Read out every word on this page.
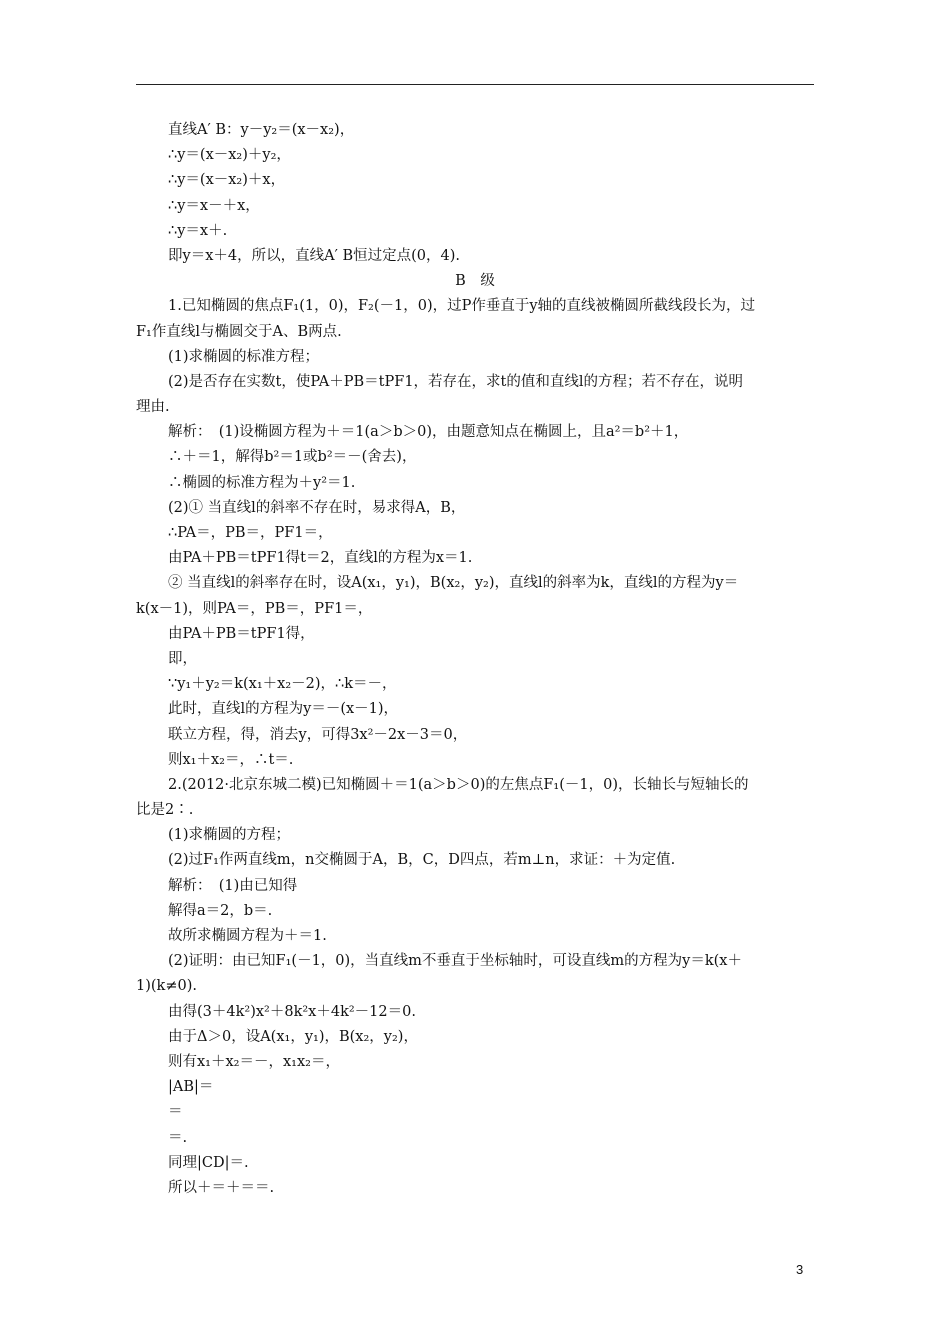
直线A′ B：y－y₂＝(x－x₂)，
∴y＝(x－x₂)＋y₂，
∴y＝(x－x₂)＋x，
∴y＝x－＋x，
∴y＝x＋.
即y＝x＋4，所以，直线A′ B恒过定点(0，4).
B　级
1.已知椭圆的焦点F₁(1，0)，F₂(－1，0)，过P作垂直于y轴的直线被椭圆所截线段长为，过
F₁作直线l与椭圆交于A、B两点.
(1)求椭圆的标准方程；
(2)是否存在实数t，使PA＋PB＝tPF1，若存在，求t的值和直线l的方程；若不存在，说明
理由.
解析：　(1)设椭圆方程为＋＝1(a＞b＞0)，由题意知点在椭圆上，且a²＝b²＋1，
∴＋＝1，解得b²＝1或b²＝－(舍去)，
∴椭圆的标准方程为＋y²＝1.
(2)① 当直线l的斜率不存在时，易求得A，B，
∴PA＝，PB＝，PF1＝，
由PA＋PB＝tPF1得t＝2，直线l的方程为x＝1.
② 当直线l的斜率存在时，设A(x₁，y₁)，B(x₂，y₂)，直线l的斜率为k，直线l的方程为y＝
k(x－1)，则PA＝，PB＝，PF1＝，
由PA＋PB＝tPF1得，
即，
∵y₁＋y₂＝k(x₁＋x₂－2)，∴k＝－，
此时，直线l的方程为y＝－(x－1)，
联立方程，得，消去y，可得3x²－2x－3＝0，
则x₁＋x₂＝，∴t＝.
2.(2012·北京东城二模)已知椭圆＋＝1(a＞b＞0)的左焦点F₁(－1，0)，长轴长与短轴长的
比是2∶.
(1)求椭圆的方程；
(2)过F₁作两直线m，n交椭圆于A，B，C，D四点，若m⊥n，求证：＋为定值.
解析：　(1)由已知得
解得a＝2，b＝.
故所求椭圆方程为＋＝1.
(2)证明：由已知F₁(－1，0)，当直线m不垂直于坐标轴时，可设直线m的方程为y＝k(x＋
1)(k≠0).
由得(3＋4k²)x²＋8k²x＋4k²－12＝0.
由于Δ＞0，设A(x₁，y₁)，B(x₂，y₂)，
则有x₁＋x₂＝－，x₁x₂＝，
|AB|＝
＝
＝.
同理|CD|＝.
所以＋＝＋＝＝.
3
